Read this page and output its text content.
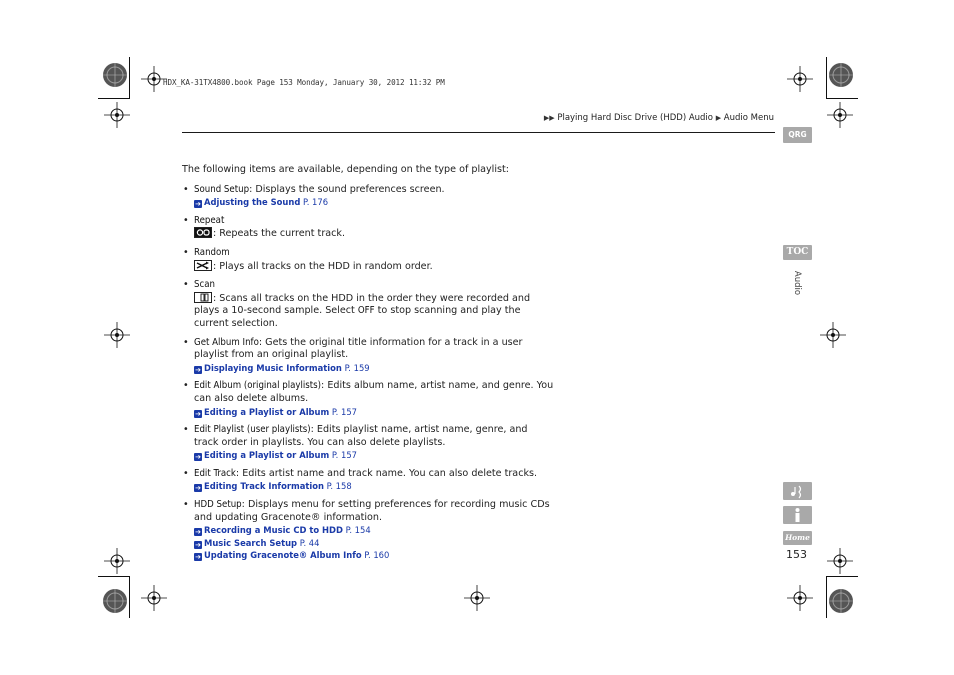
HDX_KA-31TX4800.book Page 153 Monday, January 30, 2012 11:32 PM
▶▶ Playing Hard Disc Drive (HDD) Audio ▶ Audio Menu
QRG
TOC
Audio
Home
153

The following items are available, depending on the type of playlist:

• Sound Setup: Displays the sound preferences screen.
➔ Adjusting the Sound P. 176
• Repeat
: Repeats the current track.
• Random
: Plays all tracks on the HDD in random order.
• Scan
: Scans all tracks on the HDD in the order they were recorded and plays a 10-second sample. Select OFF to stop scanning and play the current selection.
• Get Album Info: Gets the original title information for a track in a user playlist from an original playlist.
➔ Displaying Music Information P. 159
• Edit Album (original playlists): Edits album name, artist name, and genre. You can also delete albums.
➔ Editing a Playlist or Album P. 157
• Edit Playlist (user playlists): Edits playlist name, artist name, genre, and track order in playlists. You can also delete playlists.
➔ Editing a Playlist or Album P. 157
• Edit Track: Edits artist name and track name. You can also delete tracks.
➔ Editing Track Information P. 158
• HDD Setup: Displays menu for setting preferences for recording music CDs and updating Gracenote® information.
➔ Recording a Music CD to HDD P. 154
➔ Music Search Setup P. 44
➔ Updating Gracenote® Album Info P. 160
